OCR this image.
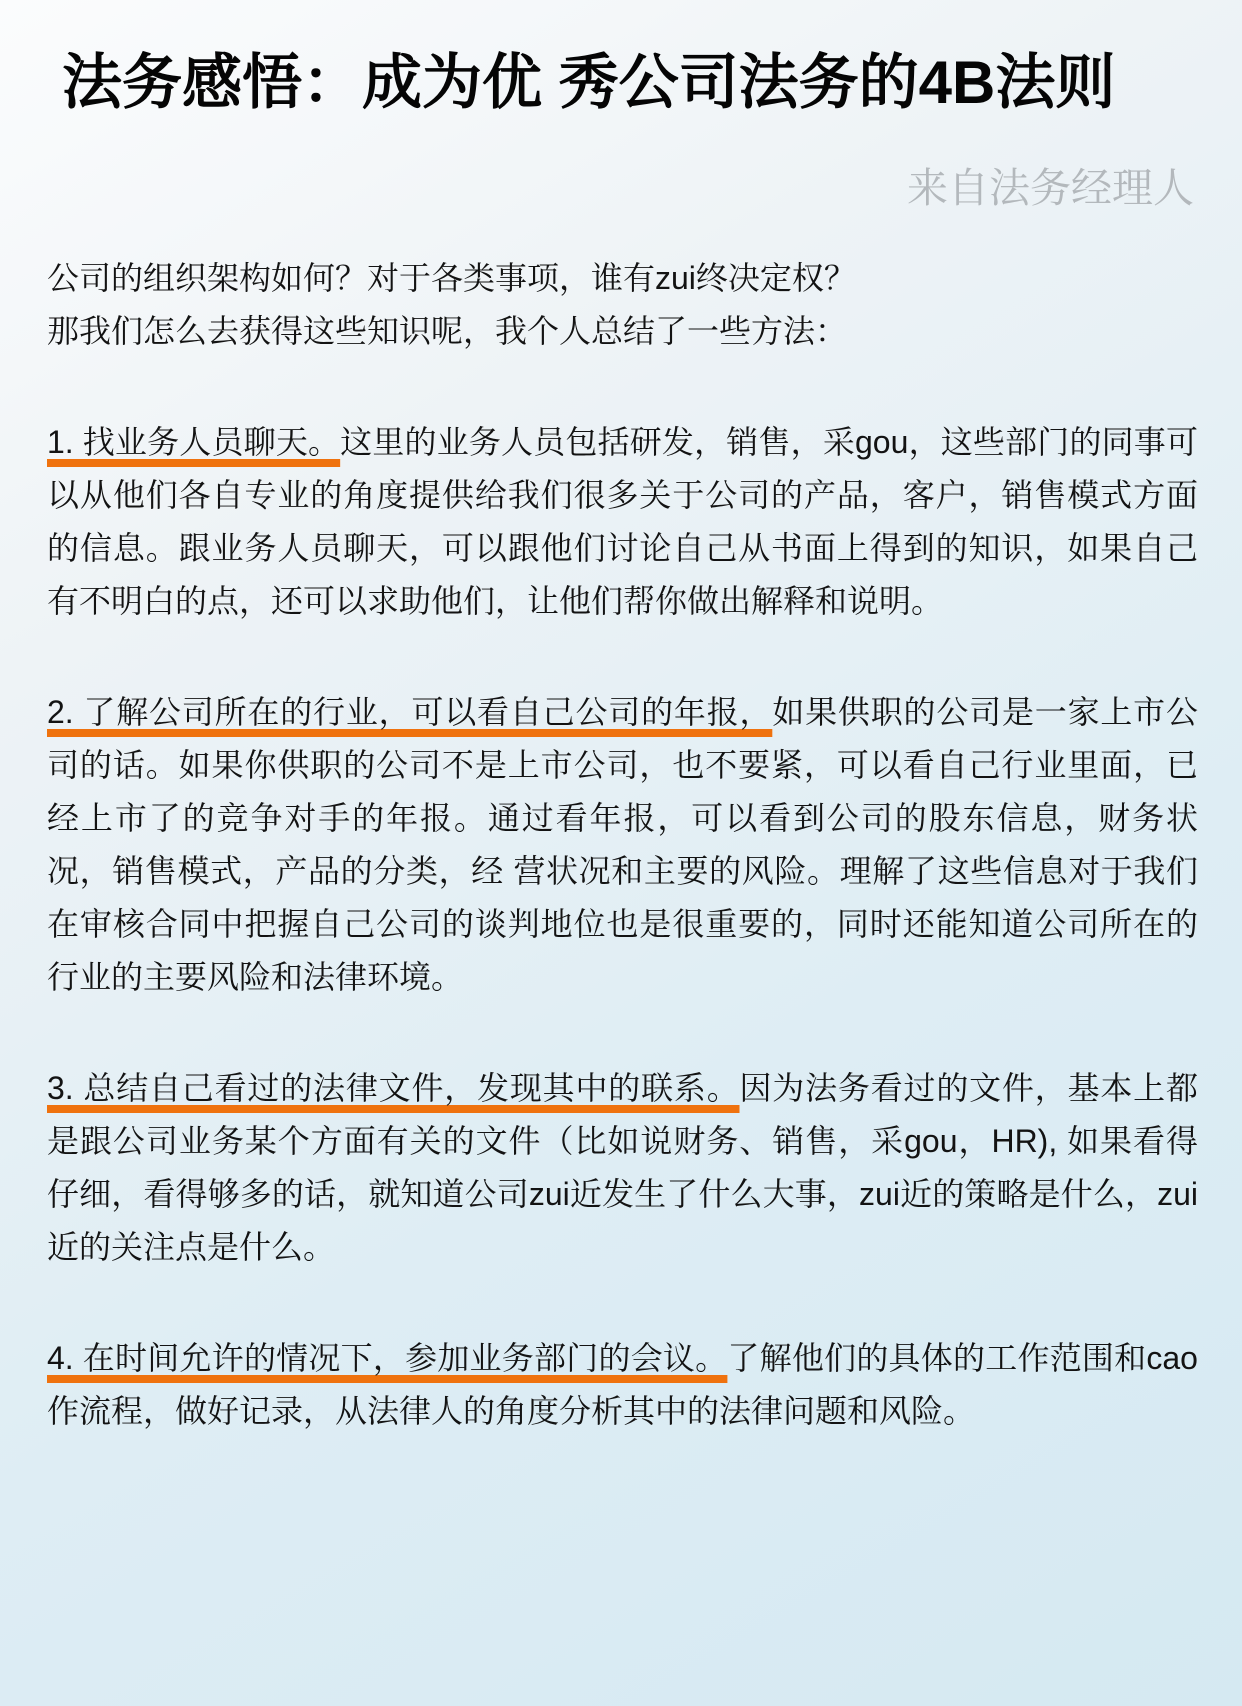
法务感悟：成为优 秀公司法务的4B法则
来自法务经理人

公司的组织架构如何？对于各类事项，谁有zui终决定权？

那我们怎么去获得这些知识呢，我个人总结了一些方法：

1. 找业务人员聊天。这里的业务人员包括研发，销售，采gou，这些部门的同事可以从他们各自专业的角度提供给我们很多关于公司的产品，客户，销售模式方面的信息。跟业务人员聊天，可以跟他们讨论自己从书面上得到的知识，如果自己有不明白的点，还可以求助他们，让他们帮你做出解释和说明。

2. 了解公司所在的行业，可以看自己公司的年报，如果供职的公司是一家上市公司的话。如果你供职的公司不是上市公司，也不要紧，可以看自己行业里面，已经上市了的竞争对手的年报。通过看年报，可以看到公司的股东信息，财务状况，销售模式，产品的分类，经 营状况和主要的风险。理解了这些信息对于我们在审核合同中把握自己公司的谈判地位也是很重要的，同时还能知道公司所在的行业的主要风险和法律环境。

3. 总结自己看过的法律文件，发现其中的联系。因为法务看过的文件，基本上都是跟公司业务某个方面有关的文件（比如说财务、销售，采gou，HR), 如果看得仔细，看得够多的话，就知道公司zui近发生了什么大事，zui近的策略是什么，zui近的关注点是什么。

4. 在时间允许的情况下，参加业务部门的会议。了解他们的具体的工作范围和cao作流程，做好记录，从法律人的角度分析其中的法律问题和风险。
